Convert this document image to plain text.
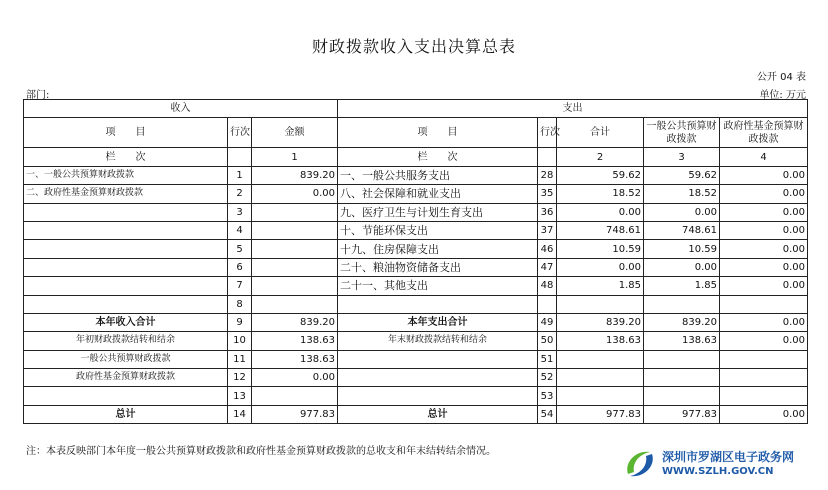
财政拨款收入支出决算总表
公开 04 表
部门:	单位: 万元
收入			支出				
项　　目	行次	金额	项　　目	行次	合计	一般公共预算财政拨款	政府性基金预算财政拨款
栏　　次		1	栏　　次		2	3	4
一、一般公共预算财政拨款	1	839.20	一、一般公共服务支出	28	59.62	59.62	0.00
二、政府性基金预算财政拨款	2	0.00	八、社会保障和就业支出	35	18.52	18.52	0.00
	3		九、医疗卫生与计划生育支出	36	0.00	0.00	0.00
	4		十、节能环保支出	37	748.61	748.61	0.00
	5		十九、住房保障支出	46	10.59	10.59	0.00
	6		二十、粮油物资储备支出	47	0.00	0.00	0.00
	7		二十一、其他支出	48	1.85	1.85	0.00
	8						
本年收入合计	9	839.20	本年支出合计	49	839.20	839.20	0.00
年初财政拨款结转和结余	10	138.63	年末财政拨款结转和结余	50	138.63	138.63	0.00
一般公共预算财政拨款	11	138.63		51			
政府性基金预算财政拨款	12	0.00		52			
	13			53			
总计	14	977.83	总计	54	977.83	977.83	0.00
注：本表反映部门本年度一般公共预算财政拨款和政府性基金预算财政拨款的总收支和年末结转结余情况。	深圳市罗湖区电子政务网
WWW.SZLH.GOV.CN
